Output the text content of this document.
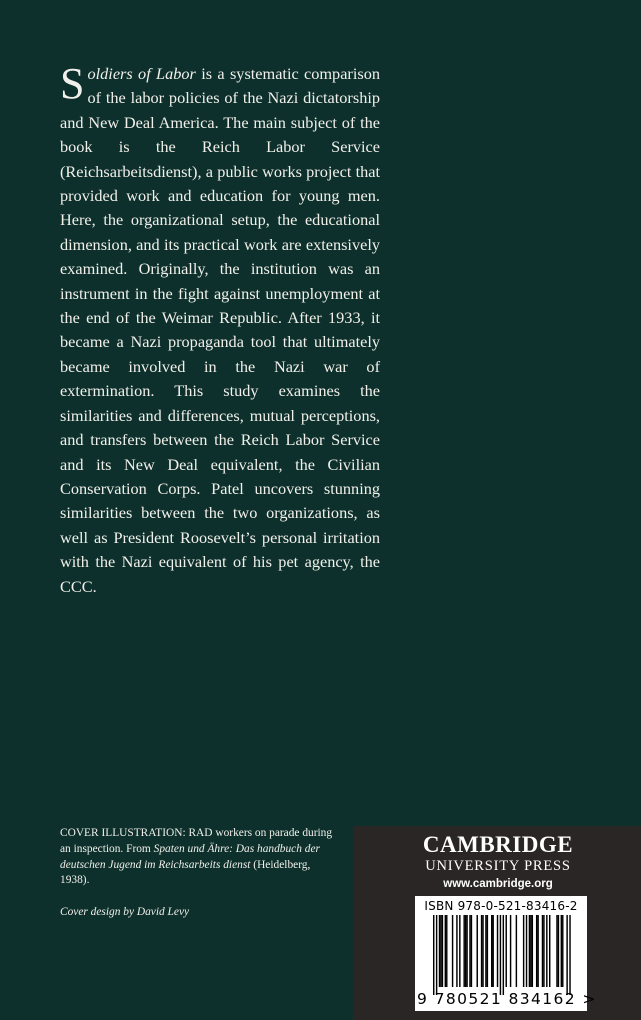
Soldiers of Labor is a systematic comparison of the labor policies of the Nazi dictatorship and New Deal America. The main subject of the book is the Reich Labor Service (Reichsarbeitsdienst), a public works project that provided work and education for young men. Here, the organizational setup, the educational dimension, and its practical work are extensively examined. Originally, the institution was an instrument in the fight against unemployment at the end of the Weimar Republic. After 1933, it became a Nazi propaganda tool that ultimately became involved in the Nazi war of extermination. This study examines the similarities and differences, mutual perceptions, and transfers between the Reich Labor Service and its New Deal equivalent, the Civilian Conservation Corps. Patel uncovers stunning similarities between the two organizations, as well as President Roosevelt’s personal irritation with the Nazi equivalent of his pet agency, the CCC.

COVER ILLUSTRATION: RAD workers on parade during an inspection. From Spaten und Ähre: Das handbuch der deutschen Jugend im Reichsarbeits dienst (Heidelberg, 1938).

Cover design by David Levy

CAMBRIDGE
UNIVERSITY PRESS
www.cambridge.org
ISBN 978-0-521-83416-2
9 780521 834162 >
